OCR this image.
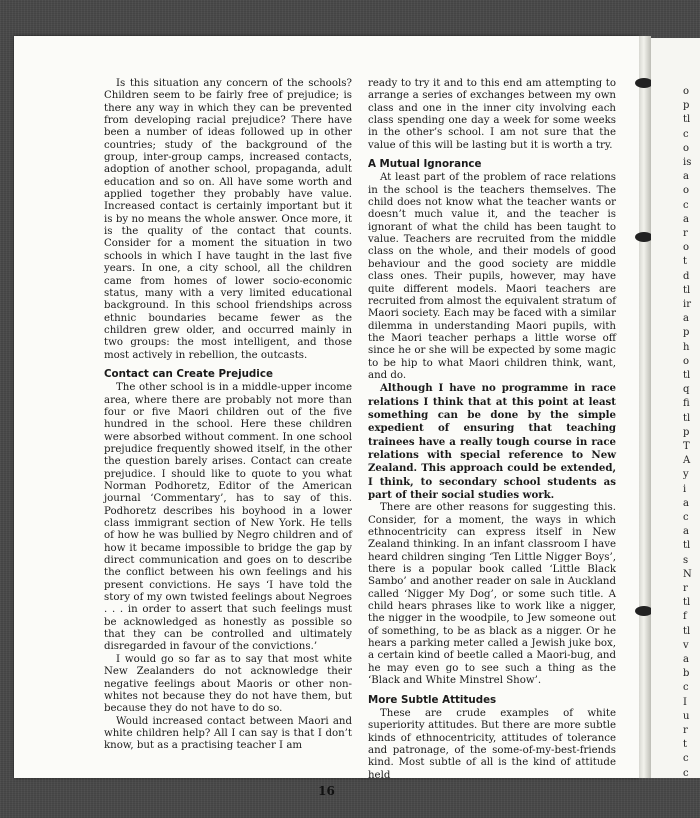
Is this situation any concern of the schools? Children seem to be fairly free of prejudice; is there any way in which they can be prevented from developing racial prejudice? There have been a number of ideas followed up in other countries; study of the background of the group, inter-group camps, increased contacts, adoption of another school, propaganda, adult education and so on. All have some worth and applied together they probably have value. Increased contact is certainly important but it is by no means the whole answer. Once more, it is the quality of the contact that counts. Consider for a moment the situation in two schools in which I have taught in the last five years. In one, a city school, all the children came from homes of lower socio-economic status, many with a very limited educational background. In this school friendships across ethnic boundaries became fewer as the children grew older, and occurred mainly in two groups: the most intelligent, and those most actively in rebellion, the outcasts.

Contact can Create Prejudice

The other school is in a middle-upper income area, where there are probably not more than four or five Maori children out of the five hundred in the school. Here these children were absorbed without comment. In one school prejudice frequently showed itself, in the other the question barely arises. Contact can create prejudice. I should like to quote to you what Norman Podhoretz, Editor of the American journal ‘Commentary’, has to say of this. Podhoretz describes his boyhood in a lower class immigrant section of New York. He tells of how he was bullied by Negro children and of how it became impossible to bridge the gap by direct communication and goes on to describe the conflict between his own feelings and his present convictions. He says ‘I have told the story of my own twisted feelings about Negroes . . . in order to assert that such feelings must be acknowledged as honestly as possible so that they can be controlled and ultimately disregarded in favour of the convictions.’

I would go so far as to say that most white New Zealanders do not acknowledge their negative feelings about Maoris or other non-whites not because they do not have them, but because they do not have to do so.

Would increased contact between Maori and white children help? All I can say is that I don’t know, but as a practising teacher I am

ready to try it and to this end am attempting to arrange a series of exchanges between my own class and one in the inner city involving each class spending one day a week for some weeks in the other’s school. I am not sure that the value of this will be lasting but it is worth a try.

A Mutual Ignorance

At least part of the problem of race relations in the school is the teachers themselves. The child does not know what the teacher wants or doesn’t much value it, and the teacher is ignorant of what the child has been taught to value. Teachers are recruited from the middle class on the whole, and their models of good behaviour and the good society are middle class ones. Their pupils, however, may have quite different models. Maori teachers are recruited from almost the equivalent stratum of Maori society. Each may be faced with a similar dilemma in understanding Maori pupils, with the Maori teacher perhaps a little worse off since he or she will be expected by some magic to be hip to what Maori children think, want, and do.

Although I have no programme in race relations I think that at this point at least something can be done by the simple expedient of ensuring that teaching trainees have a really tough course in race relations with special reference to New Zealand. This approach could be extended, I think, to secondary school students as part of their social studies work.

There are other reasons for suggesting this. Consider, for a moment, the ways in which ethnocentricity can express itself in New Zealand thinking. In an infant classroom I have heard children singing ‘Ten Little Nigger Boys’, there is a popular book called ‘Little Black Sambo’ and another reader on sale in Auckland called ‘Nigger My Dog’, or some such title. A child hears phrases like to work like a nigger, the nigger in the woodpile, to Jew someone out of something, to be as black as a nigger. Or he hears a parking meter called a Jewish juke box, a certain kind of beetle called a Maori-bug, and he may even go to see such a thing as the ‘Black and White Minstrel Show’.

More Subtle Attitudes

These are crude examples of white superiority attitudes. But there are more subtle kinds of ethnocentricity, attitudes of tolerance and patronage, of the some-of-my-best-friends kind. Most subtle of all is the kind of attitude held

16
o
p
tl
c
o
is
a
o
c
a
r
o
t
d
tl
ir
a
p
h
o
tl
q
fi
tl
p
T
A
y
i
a
c
a
tl
s
N
r
tl
f
tl
v
a
b
c
I
u
r
t
c
c
